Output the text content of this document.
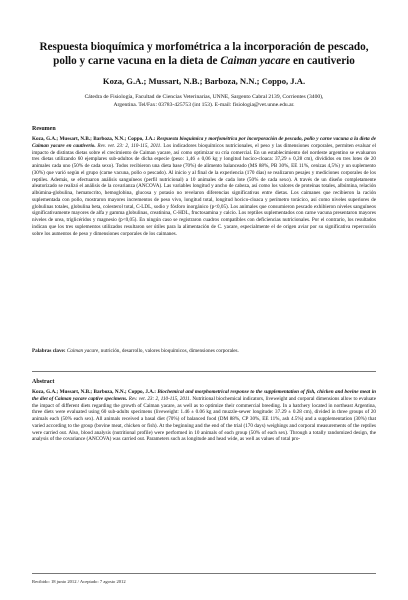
Respuesta bioquímica y morfométrica a la incorporación de pescado,
pollo y carne vacuna en la dieta de Caiman yacare en cautiverio
Koza, G.A.; Mussart, N.B.; Barboza, N.N.; Coppo, J.A.
Cátedra de Fisiología, Facultad de Ciencias Veterinarias, UNNE, Sargento Cabral 2139, Corrientes (3400),
Argentina. Tel/Fax: 03783-425753 (int 153). E-mail: fisiologia@vet.unne.edu.ar.
Resumen
Koza, G.A.; Mussart, N.B.; Barboza, N.N.; Coppo, J.A.: Respuesta bioquímica y morfométrica por incorporación de pescado, pollo y carne vacuna a la dieta de Caiman yacare en cautiverio. Rev. vet. 23: 2, 110-115, 2011. Los indicadores bioquímicos nutricionales, el peso y las dimensiones corporales, permiten evaluar el impacto de distintas dietas sobre el crecimiento de Caiman yacare, así como optimizar su cría comercial. En un establecimiento del nordeste argentino se evaluaron tres dietas utilizando 60 ejemplares sub-adultos de dicha especie (peso: 1,46 ± 0,06 kg y longitud hocico-cloaca: 37,29 ± 0,28 cm), divididos en tres lotes de 20 animales cada uno (50% de cada sexo). Todos recibieron una dieta base (70%) de alimento balanceado (MS 88%, PB 30%, EE 11%, cenizas 4,5%) y un suplemento (30%) que varió según el grupo (carne vacuna, pollo o pescado). Al inicio y al final de la experiencia (170 días) se realizaron pesajes y mediciones corporales de los reptiles. Además, se efectuaron análisis sanguíneos (perfil nutricional) a 10 animales de cada lote (50% de cada sexo). A través de un diseño completamente aleatorizado se realizó el análisis de la covarianza (ANCOVA). Las variables longitud y ancho de cabeza, así como los valores de proteínas totales, albúmina, relación albúmina-globulina, hematocrito, hemoglobina, glucosa y potasio no revelaron diferencias significativas entre dietas. Los caimanes que recibieron la ración suplementada con pollo, mostraron mayores incrementos de peso vivo, longitud total, longitud hocico-cloaca y perímetro torácico, así como niveles superiores de globulinas totales, globulina beta, colesterol total, C-LDL, sodio y fósforo inorgánico (p<0,05). Los animales que consumieron pescado exhibieron niveles sanguíneos significativamente mayores de alfa y gamma globulinas, creatinina, C-HDL, fructosamina y calcio. Los reptiles suplementados con carne vacuna presentaron mayores niveles de urea, triglicéridos y magnesio (p<0,05). En ningún caso se registraron cuadros compatibles con deficiencias nutricionales. Por el contrario, los resultados indican que los tres suplementos utilizados resultaron ser útiles para la alimentación de C. yacare, especialmente el de origen aviar por su significativa repercusión sobre los aumentos de peso y dimensiones corporales de los caimanes.
Palabras clave: Caiman yacare, nutrición, desarrollo, valores bioquímicos, dimensiones corporales.
Abstract
Koza, G.A.; Mussart, N.B.; Barboza, N.N.; Coppo, J.A.: Biochemical and morphometrical response to the supplementation of fish, chicken and bovine meat in the diet of Caiman yacare captive specimens. Rev. vet. 23: 2, 110-115, 2011. Nutritional biochemical indicators, liveweight and corporal dimensions allow to evaluate the impact of different diets regarding the growth of Caiman yacare, as well as to optimize their commercial breeding. In a hatchery located in northeast Argentina, three diets were evaluated using 60 sub-adults specimens (liveweight: 1.46 ± 0.06 kg and muzzle-sewer longitude: 37.29 ± 0.28 cm), divided in three groups of 20 animals each (50% each sex). All animals received a basal diet (70%) of balanced food (DM 88%, CP 30%, EE 11%, ash 4.5%) and a supplementation (30%) that varied according to the group (bovine meat, chicken or fish). At the beginning and the end of the trial (170 days) weighings and corporal measurements of the reptiles were carried out. Also, blood analysis (nutritional profile) were performed in 10 animals of each group (50% of each sex). Through a totally randomized design, the analysis of the covariance (ANCOVA) was carried out. Parameters such as longitude and head wide, as well as values of total pro-
Recibido: 18 junio 2012 / Aceptado: 7 agosto 2012
